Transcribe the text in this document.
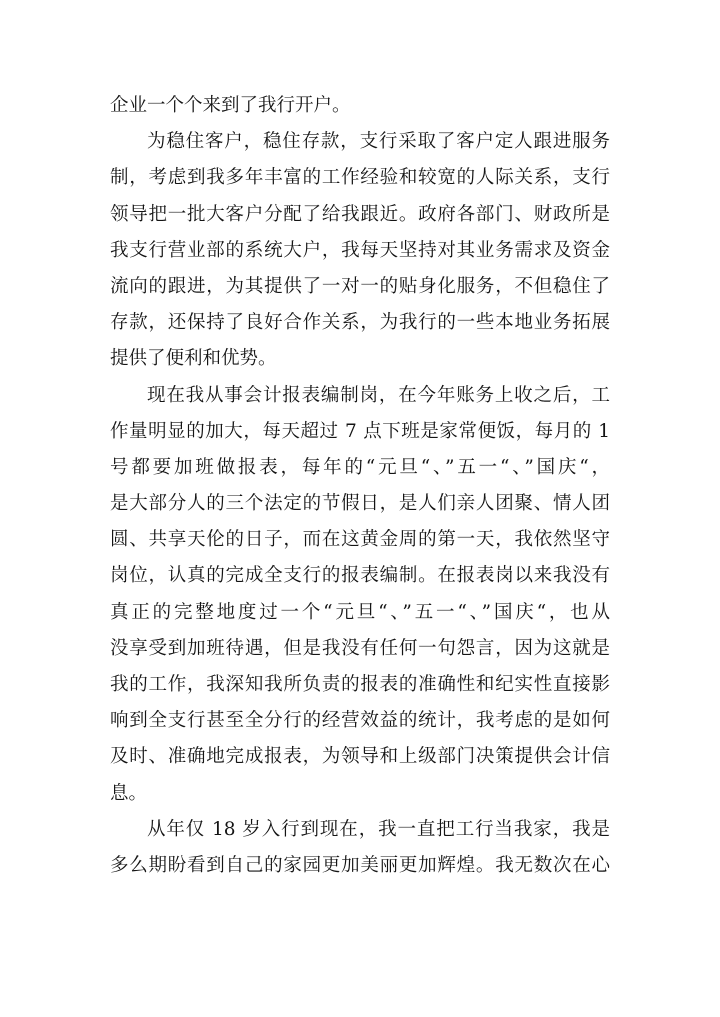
企业一个个来到了我行开户。
为稳住客户，稳住存款，支行采取了客户定人跟进服务
制，考虑到我多年丰富的工作经验和较宽的人际关系，支行
领导把一批大客户分配了给我跟近。政府各部门、财政所是
我支行营业部的系统大户，我每天坚持对其业务需求及资金
流向的跟进，为其提供了一对一的贴身化服务，不但稳住了
存款，还保持了良好合作关系，为我行的一些本地业务拓展
提供了便利和优势。
现在我从事会计报表编制岗，在今年账务上收之后，工
作量明显的加大，每天超过 7 点下班是家常便饭，每月的 1
号都要加班做报表，每年的“元旦“、”五一“、”国庆“，
是大部分人的三个法定的节假日，是人们亲人团聚、情人团
圆、共享天伦的日子，而在这黄金周的第一天，我依然坚守
岗位，认真的完成全支行的报表编制。在报表岗以来我没有
真正的完整地度过一个“元旦“、”五一“、”国庆“，也从
没享受到加班待遇，但是我没有任何一句怨言，因为这就是
我的工作，我深知我所负责的报表的准确性和纪实性直接影
响到全支行甚至全分行的经营效益的统计，我考虑的是如何
及时、准确地完成报表，为领导和上级部门决策提供会计信
息。
从年仅 18 岁入行到现在，我一直把工行当我家，我是
多么期盼看到自己的家园更加美丽更加辉煌。我无数次在心
